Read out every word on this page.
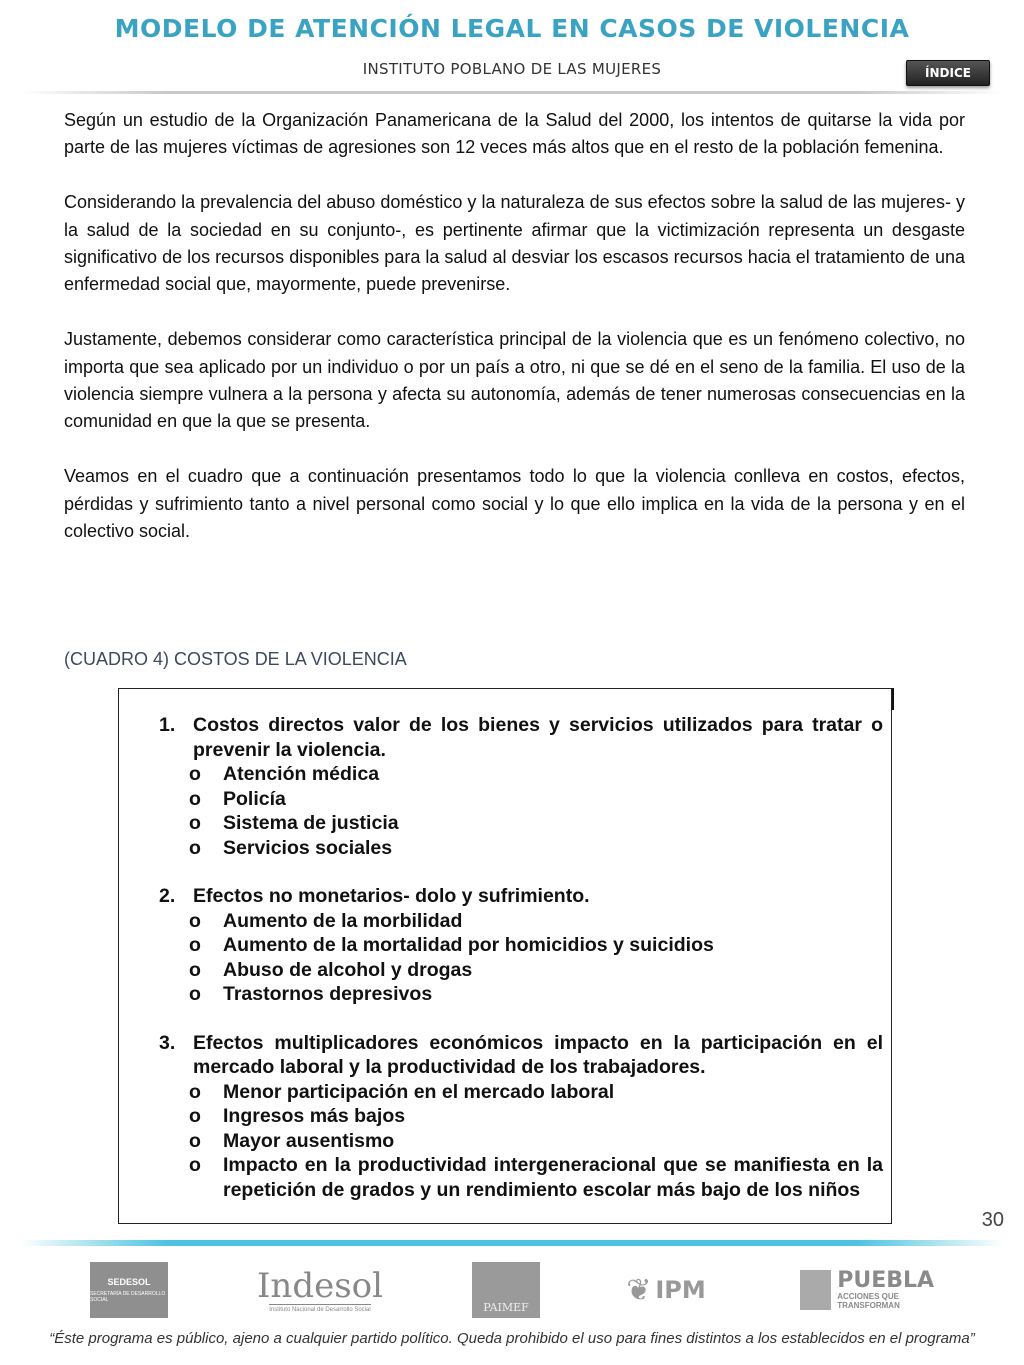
MODELO DE ATENCIÓN LEGAL EN CASOS DE VIOLENCIA
INSTITUTO POBLANO DE LAS MUJERES	ÍNDICE

Según un estudio de la Organización Panamericana de la Salud del 2000, los intentos de quitarse la vida por parte de las mujeres víctimas de agresiones son 12 veces más altos que en el resto de la población femenina.

Considerando la prevalencia del abuso doméstico y la naturaleza de sus efectos sobre la salud de las mujeres- y la salud de la sociedad en su conjunto-, es pertinente afirmar que la victimización representa un desgaste significativo de los recursos disponibles para la salud al desviar los escasos recursos hacia el tratamiento de una enfermedad social que, mayormente, puede prevenirse.

Justamente, debemos considerar como característica principal de la violencia que es un fenómeno colectivo, no importa que sea aplicado por un individuo o por un país a otro, ni que se dé en el seno de la familia. El uso de la violencia siempre vulnera a la persona y afecta su autonomía, además de tener numerosas consecuencias en la comunidad en que la que se presenta.

Veamos en el cuadro que a continuación presentamos todo lo que la violencia conlleva en costos, efectos, pérdidas y sufrimiento tanto a nivel personal como social y lo que ello implica en la vida de la persona y en el colectivo social.

(CUADRO 4) COSTOS DE LA VIOLENCIA
1. Costos directos valor de los bienes y servicios utilizados para tratar o prevenir la violencia.
o	Atención médica
o	Policía
o	Sistema de justicia
o	Servicios sociales
2. Efectos no monetarios- dolo y sufrimiento.
o	Aumento de la morbilidad
o	Aumento de la mortalidad por homicidios y suicidios
o	Abuso de alcohol y drogas
o	Trastornos depresivos
3. Efectos multiplicadores económicos impacto en la participación en el mercado laboral y la productividad de los trabajadores.
o	Menor participación en el mercado laboral
o	Ingresos más bajos
o	Mayor ausentismo
o	Impacto en la productividad intergeneracional que se manifiesta en la repetición de grados y un rendimiento escolar más bajo de los niños
30
SEDESOL
SECRETARÍA DE DESARROLLO SOCIAL	Indesol
Instituto Nacional de Desarrollo Social	PAIMEF
❦ IPM	PUEBLA
ACCIONES QUE TRANSFORMAN
“Éste programa es público, ajeno a cualquier partido político. Queda prohibido el uso para fines distintos a los establecidos en el programa”
